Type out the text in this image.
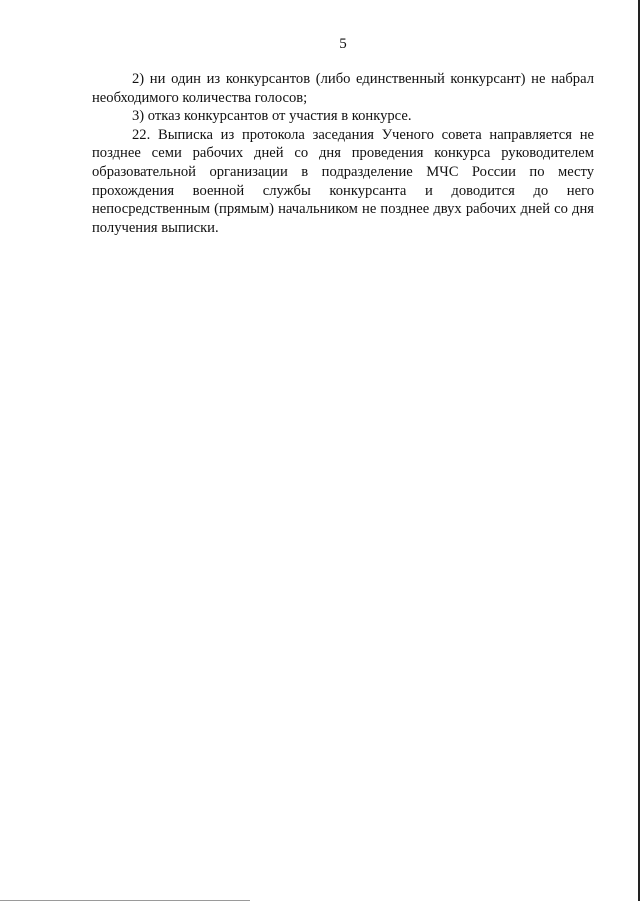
5

2) ни один из конкурсантов (либо единственный конкурсант) не набрал необходимого количества голосов;

3) отказ конкурсантов от участия в конкурсе.

22. Выписка из протокола заседания Ученого совета направляется не позднее семи рабочих дней со дня проведения конкурса руководителем образовательной организации в подразделение МЧС России по месту прохождения военной службы конкурсанта и доводится до него непосредственным (прямым) начальником не позднее двух рабочих дней со дня получения выписки.
